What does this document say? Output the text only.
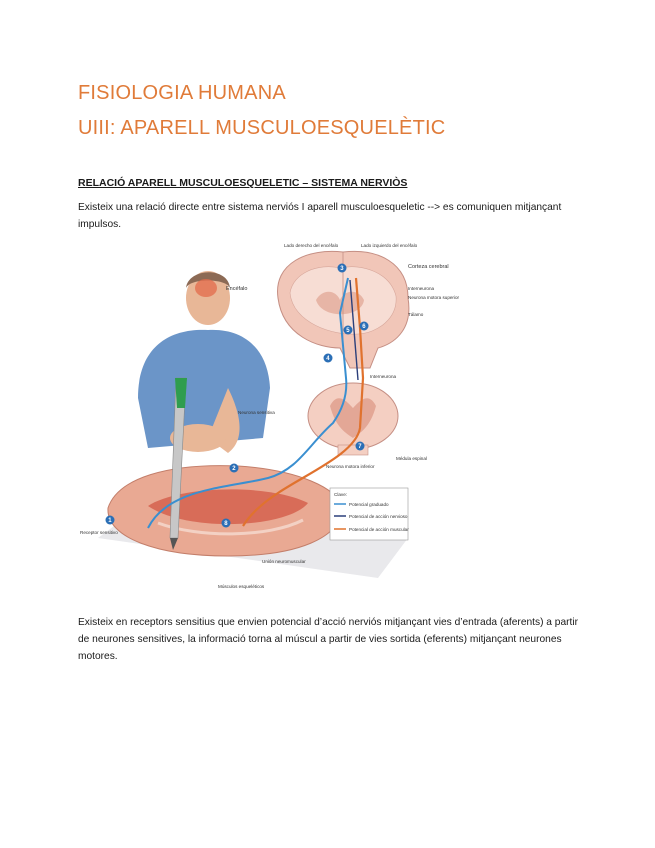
FISIOLOGIA HUMANA
UIII: APARELL MUSCULOESQUELÈTIC

RELACIÓ APARELL MUSCULOESQUELETIC – SISTEMA NERVIÒS

Existeix una relació directe entre sistema nerviós I aparell musculoesqueletic --> es comuniquen mitjançant impulsos.

1
2
3
4
5
6
7
8
Lado derecho del encéfalo	Lado izquierdo del encéfalo
Encéfalo
Corteza cerebral
Interneurona
Neurona motora superior
Tálamo
Interneurona
Neurona sensitiva
Médula espinal
Neurona motora inferior
Receptor sensitivo
Unión neuromuscular
Músculos esqueléticos
Clave:
Potencial graduado
Potencial de acción nervioso
Potencial de acción muscular

Existeix en receptors sensitius que envien potencial d’acció nerviós mitjançant vies d’entrada (aferents) a partir de neurones sensitives, la informació torna al múscul a partir de vies sortida (eferents) mitjançant neurones motores.
